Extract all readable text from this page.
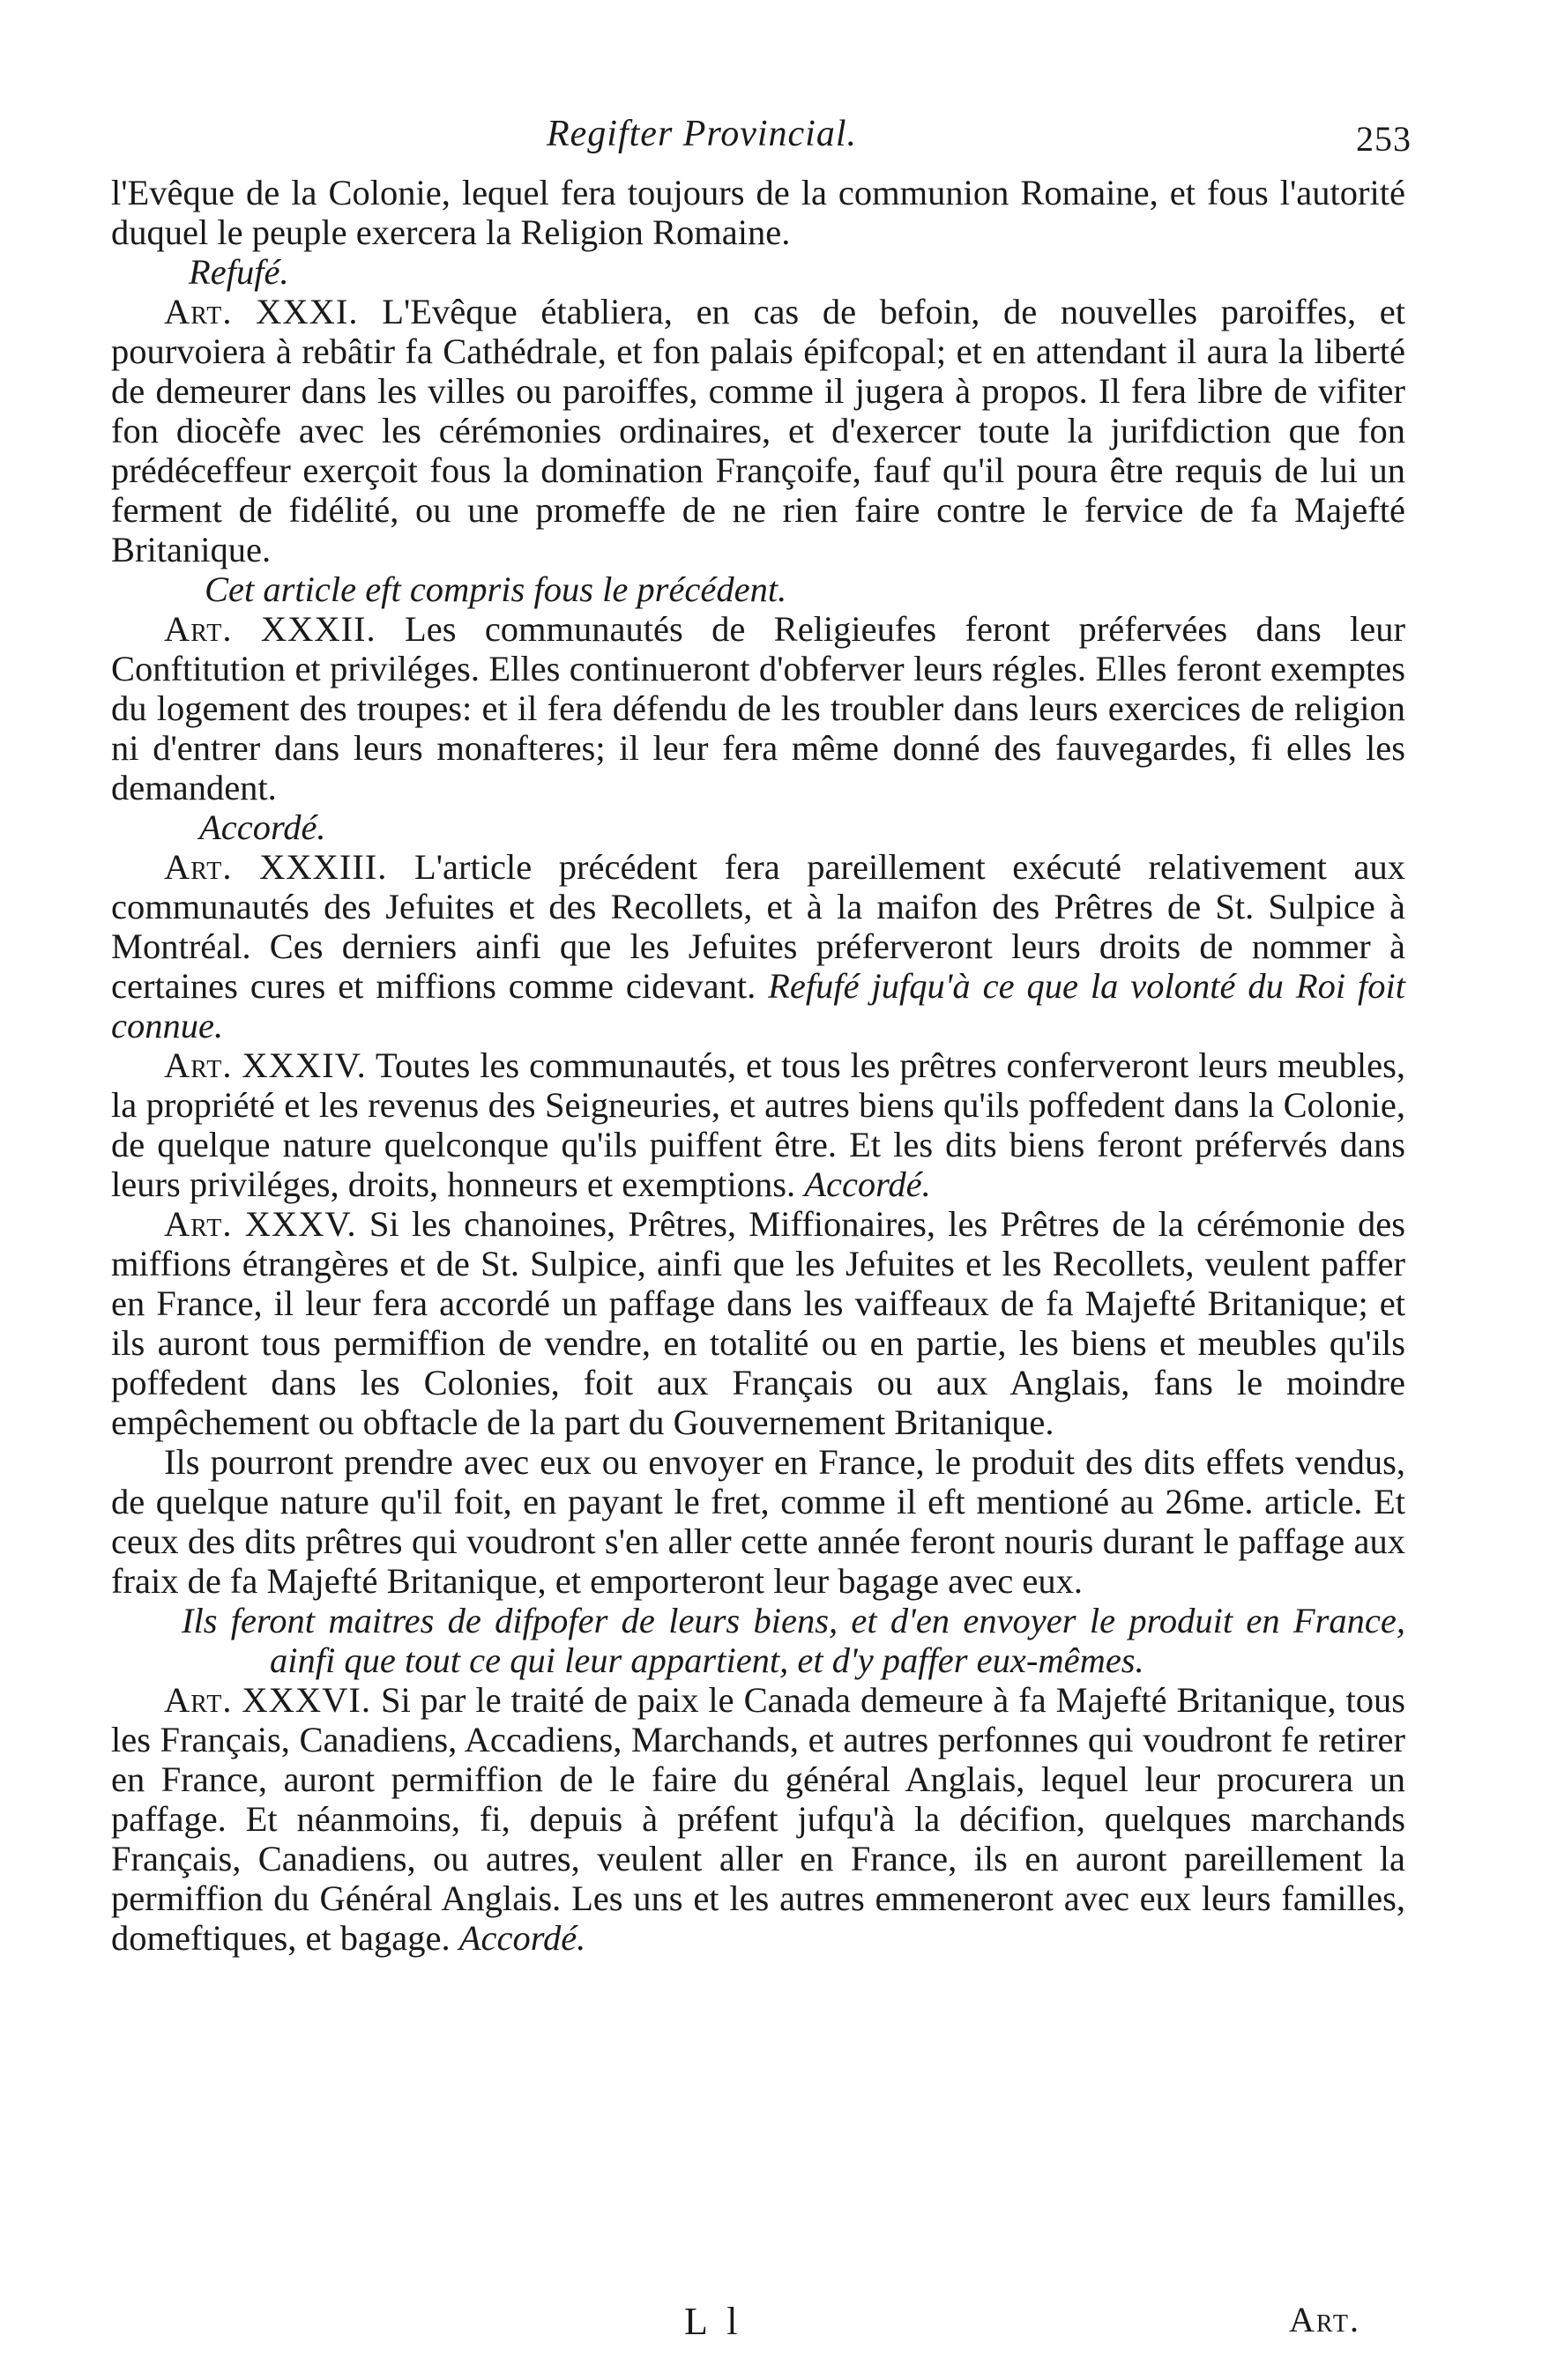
Regifter Provincial.	253

l'Evêque de la Colonie, lequel fera toujours de la communion Romaine, et fous l'autorité duquel le peuple exercera la Religion Romaine.

Refufé.

Art. XXXI. L'Evêque établiera, en cas de befoin, de nouvelles paroiffes, et pourvoiera à rebâtir fa Cathédrale, et fon palais épifcopal; et en attendant il aura la liberté de demeurer dans les villes ou paroiffes, comme il jugera à propos. Il fera libre de vifiter fon diocèfe avec les cérémonies ordinaires, et d'exercer toute la jurifdiction que fon prédéceffeur exerçoit fous la domination Françoife, fauf qu'il poura être requis de lui un ferment de fidélité, ou une promeffe de ne rien faire contre le fervice de fa Majefté Britanique.

Cet article eft compris fous le précédent.

Art. XXXII. Les communautés de Religieufes feront préfervées dans leur Conftitution et priviléges. Elles continueront d'obferver leurs régles. Elles feront exemptes du logement des troupes: et il fera défendu de les troubler dans leurs exercices de religion ni d'entrer dans leurs monafteres; il leur fera même donné des fauvegardes, fi elles les demandent.

Accordé.

Art. XXXIII. L'article précédent fera pareillement exécuté relativement aux communautés des Jefuites et des Recollets, et à la maifon des Prêtres de St. Sulpice à Montréal. Ces derniers ainfi que les Jefuites préferveront leurs droits de nommer à certaines cures et miffions comme cidevant. Refufé jufqu'à ce que la volonté du Roi foit connue.

Art. XXXIV. Toutes les communautés, et tous les prêtres conferveront leurs meubles, la propriété et les revenus des Seigneuries, et autres biens qu'ils poffedent dans la Colonie, de quelque nature quelconque qu'ils puiffent être. Et les dits biens feront préfervés dans leurs priviléges, droits, honneurs et exemptions. Accordé.

Art. XXXV. Si les chanoines, Prêtres, Miffionaires, les Prêtres de la cérémonie des miffions étrangères et de St. Sulpice, ainfi que les Jefuites et les Recollets, veulent paffer en France, il leur fera accordé un paffage dans les vaiffeaux de fa Majefté Britanique; et ils auront tous permiffion de vendre, en totalité ou en partie, les biens et meubles qu'ils poffedent dans les Colonies, foit aux Français ou aux Anglais, fans le moindre empêchement ou obftacle de la part du Gouvernement Britanique.

Ils pourront prendre avec eux ou envoyer en France, le produit des dits effets vendus, de quelque nature qu'il foit, en payant le fret, comme il eft mentioné au 26me. article. Et ceux des dits prêtres qui voudront s'en aller cette année feront nouris durant le paffage aux fraix de fa Majefté Britanique, et emporteront leur bagage avec eux.

Ils feront maitres de difpofer de leurs biens, et d'en envoyer le produit en France, ainfi que tout ce qui leur appartient, et d'y paffer eux-mêmes.

Art. XXXVI. Si par le traité de paix le Canada demeure à fa Majefté Britanique, tous les Français, Canadiens, Accadiens, Marchands, et autres perfonnes qui voudront fe retirer en France, auront permiffion de le faire du général Anglais, lequel leur procurera un paffage. Et néanmoins, fi, depuis à préfent jufqu'à la décifion, quelques marchands Français, Canadiens, ou autres, veulent aller en France, ils en auront pareillement la permiffion du Général Anglais. Les uns et les autres emmeneront avec eux leurs familles, domeftiques, et bagage. Accordé.

L l	Art.
